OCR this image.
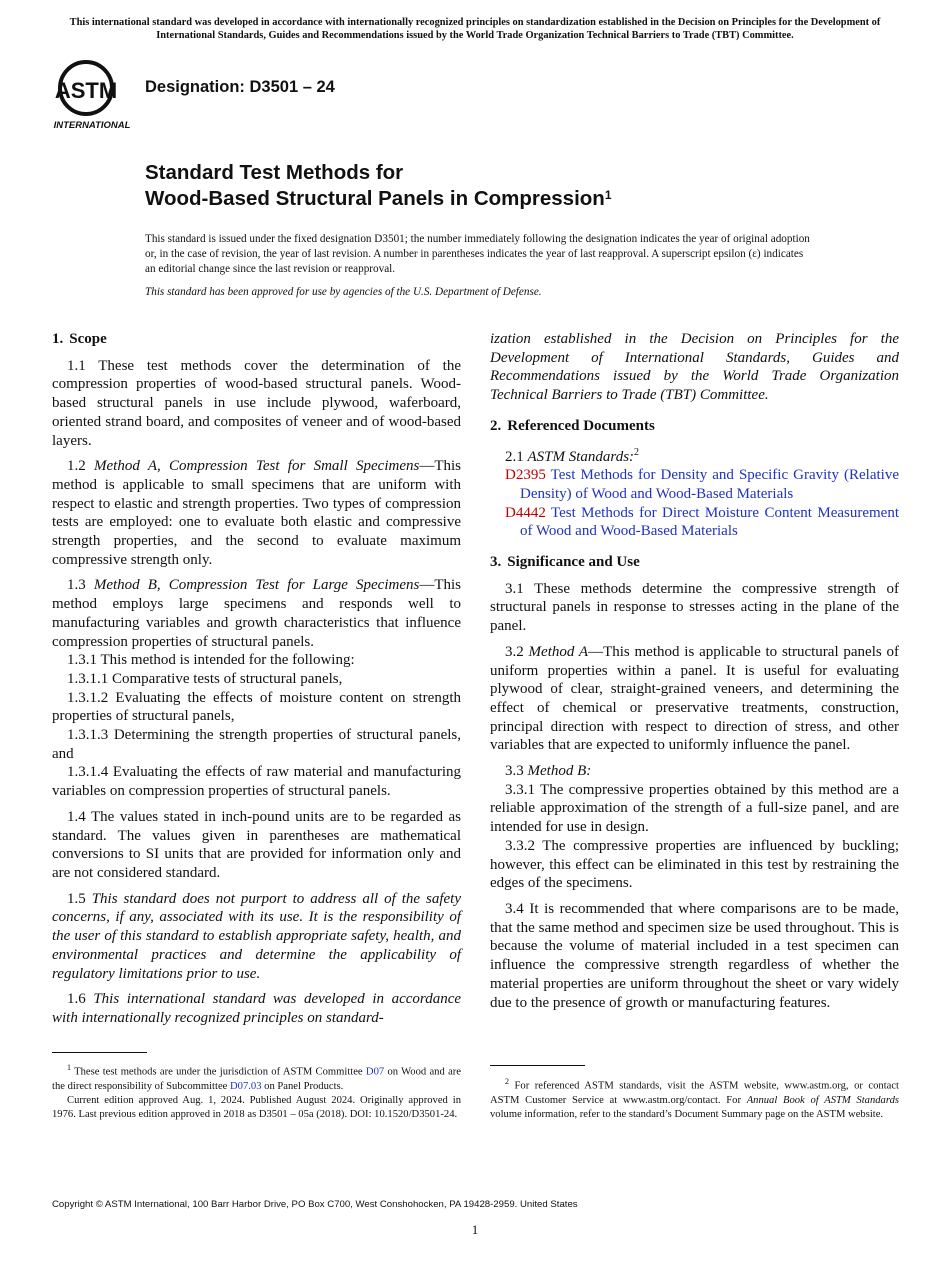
This international standard was developed in accordance with internationally recognized principles on standardization established in the Decision on Principles for the Development of International Standards, Guides and Recommendations issued by the World Trade Organization Technical Barriers to Trade (TBT) Committee.
ASTM
INTERNATIONAL
Designation: D3501 – 24
Standard Test Methods for
Wood-Based Structural Panels in Compression$^1$
This standard is issued under the fixed designation D3501; the number immediately following the designation indicates the year of original adoption or, in the case of revision, the year of last revision. A number in parentheses indicates the year of last reapproval. A superscript epsilon (ε) indicates an editorial change since the last revision or reapproval.
This standard has been approved for use by agencies of the U.S. Department of Defense.
1. Scope

1.1 These test methods cover the determination of the compression properties of wood-based structural panels. Wood-based structural panels in use include plywood, waferboard, oriented strand board, and composites of veneer and of wood-based layers.

1.2 Method A, Compression Test for Small Specimens—This method is applicable to small specimens that are uniform with respect to elastic and strength properties. Two types of compression tests are employed: one to evaluate both elastic and compressive strength properties, and the second to evaluate maximum compressive strength only.

1.3 Method B, Compression Test for Large Specimens—This method employs large specimens and responds well to manufacturing variables and growth characteristics that influence compression properties of structural panels.

1.3.1 This method is intended for the following:

1.3.1.1 Comparative tests of structural panels,

1.3.1.2 Evaluating the effects of moisture content on strength properties of structural panels,

1.3.1.3 Determining the strength properties of structural panels, and

1.3.1.4 Evaluating the effects of raw material and manufacturing variables on compression properties of structural panels.

1.4 The values stated in inch-pound units are to be regarded as standard. The values given in parentheses are mathematical conversions to SI units that are provided for information only and are not considered standard.

1.5 This standard does not purport to address all of the safety concerns, if any, associated with its use. It is the responsibility of the user of this standard to establish appropriate safety, health, and environmental practices and determine the applicability of regulatory limitations prior to use.

1.6 This international standard was developed in accordance with internationally recognized principles on standard-

ization established in the Decision on Principles for the Development of International Standards, Guides and Recommendations issued by the World Trade Organization Technical Barriers to Trade (TBT) Committee.

2. Referenced Documents

2.1 ASTM Standards:$^2$

D2395 Test Methods for Density and Specific Gravity (Relative Density) of Wood and Wood-Based Materials

D4442 Test Methods for Direct Moisture Content Measurement of Wood and Wood-Based Materials

3. Significance and Use

3.1 These methods determine the compressive strength of structural panels in response to stresses acting in the plane of the panel.

3.2 Method A—This method is applicable to structural panels of uniform properties within a panel. It is useful for evaluating plywood of clear, straight-grained veneers, and determining the effect of chemical or preservative treatments, construction, principal direction with respect to direction of stress, and other variables that are expected to uniformly influence the panel.

3.3 Method B:

3.3.1 The compressive properties obtained by this method are a reliable approximation of the strength of a full-size panel, and are intended for use in design.

3.3.2 The compressive properties are influenced by buckling; however, this effect can be eliminated in this test by restraining the edges of the specimens.

3.4 It is recommended that where comparisons are to be made, that the same method and specimen size be used throughout. This is because the volume of material included in a test specimen can influence the compressive strength regardless of whether the material properties are uniform throughout the sheet or vary widely due to the presence of growth or manufacturing features.

$^1$ These test methods are under the jurisdiction of ASTM Committee D07 on Wood and are the direct responsibility of Subcommittee D07.03 on Panel Products.

Current edition approved Aug. 1, 2024. Published August 2024. Originally approved in 1976. Last previous edition approved in 2018 as D3501 – 05a (2018). DOI: 10.1520/D3501-24.

$^2$ For referenced ASTM standards, visit the ASTM website, www.astm.org, or contact ASTM Customer Service at www.astm.org/contact. For Annual Book of ASTM Standards volume information, refer to the standard’s Document Summary page on the ASTM website.

Copyright © ASTM International, 100 Barr Harbor Drive, PO Box C700, West Conshohocken, PA 19428-2959. United States
1
